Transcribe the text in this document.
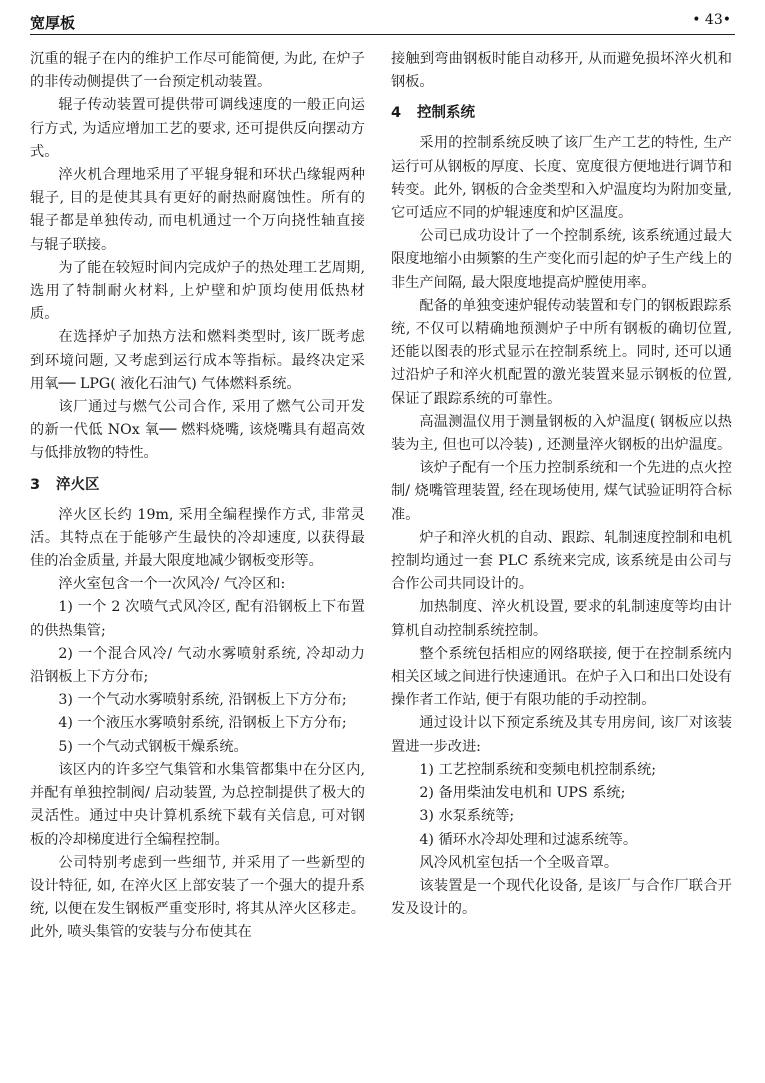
宽厚板	• 43•

沉重的辊子在内的维护工作尽可能简便, 为此, 在炉子的非传动侧提供了一台预定机动装置。

辊子传动装置可提供带可调线速度的一般正向运行方式, 为适应增加工艺的要求, 还可提供反向摆动方式。

淬火机合理地采用了平辊身辊和环状凸缘辊两种辊子, 目的是使其具有更好的耐热耐腐蚀性。所有的辊子都是单独传动, 而电机通过一个万向挠性轴直接与辊子联接。

为了能在较短时间内完成炉子的热处理工艺周期, 选用了特制耐火材料, 上炉壁和炉顶均使用低热材质。

在选择炉子加热方法和燃料类型时, 该厂既考虑到环境问题, 又考虑到运行成本等指标。最终决定采用氧── LPG( 液化石油气) 气体燃料系统。

该厂通过与燃气公司合作, 采用了燃气公司开发的新一代低 NOx 氧── 燃料烧嘴, 该烧嘴具有超高效与低排放物的特性。

3 淬火区

淬火区长约 19m, 采用全编程操作方式, 非常灵活。其特点在于能够产生最快的冷却速度, 以获得最佳的冶金质量, 并最大限度地减少钢板变形等。

淬火室包含一个一次风冷/ 气冷区和:

1) 一个 2 次喷气式风冷区, 配有沿钢板上下布置的供热集管;

2) 一个混合风冷/ 气动水雾喷射系统, 冷却动力沿钢板上下方分布;

3) 一个气动水雾喷射系统, 沿钢板上下方分布;

4) 一个液压水雾喷射系统, 沿钢板上下方分布;

5) 一个气动式钢板干燥系统。

该区内的许多空气集管和水集管都集中在分区内, 并配有单独控制阀/ 启动装置, 为总控制提供了极大的灵活性。通过中央计算机系统下载有关信息, 可对钢板的冷却梯度进行全编程控制。

公司特别考虑到一些细节, 并采用了一些新型的设计特征, 如, 在淬火区上部安装了一个强大的提升系统, 以便在发生钢板严重变形时, 将其从淬火区移走。此外, 喷头集管的安装与分布使其在

接触到弯曲钢板时能自动移开, 从而避免损坏淬火机和钢板。

4 控制系统

采用的控制系统反映了该厂生产工艺的特性, 生产运行可从钢板的厚度、长度、宽度很方便地进行调节和转变。此外, 钢板的合金类型和入炉温度均为附加变量, 它可适应不同的炉辊速度和炉区温度。

公司已成功设计了一个控制系统, 该系统通过最大限度地缩小由频繁的生产变化而引起的炉子生产线上的非生产间隔, 最大限度地提高炉膛使用率。

配备的单独变速炉辊传动装置和专门的钢板跟踪系统, 不仅可以精确地预测炉子中所有钢板的确切位置, 还能以图表的形式显示在控制系统上。同时, 还可以通过沿炉子和淬火机配置的激光装置来显示钢板的位置, 保证了跟踪系统的可靠性。

高温测温仪用于测量钢板的入炉温度( 钢板应以热装为主, 但也可以冷装) , 还测量淬火钢板的出炉温度。

该炉子配有一个压力控制系统和一个先进的点火控制/ 烧嘴管理装置, 经在现场使用, 煤气试验证明符合标准。

炉子和淬火机的自动、跟踪、轧制速度控制和电机控制均通过一套 PLC 系统来完成, 该系统是由公司与合作公司共同设计的。

加热制度、淬火机设置, 要求的轧制速度等均由计算机自动控制系统控制。

整个系统包括相应的网络联接, 便于在控制系统内相关区域之间进行快速通讯。在炉子入口和出口处设有操作者工作站, 便于有限功能的手动控制。

通过设计以下预定系统及其专用房间, 该厂对该装置进一步改进:

1) 工艺控制系统和变频电机控制系统;

2) 备用柴油发电机和 UPS 系统;

3) 水泵系统等;

4) 循环水冷却处理和过滤系统等。

风冷风机室包括一个全吸音罩。

该装置是一个现代化设备, 是该厂与合作厂联合开发及设计的。
